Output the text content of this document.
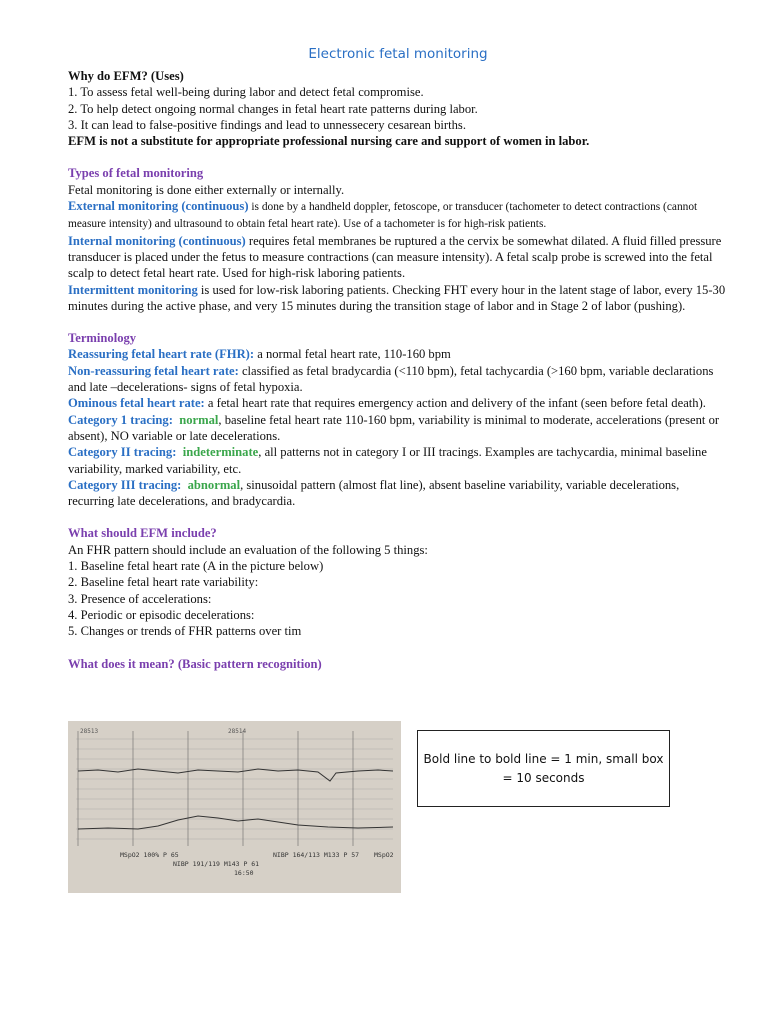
Electronic fetal monitoring

Why do EFM? (Uses)

1. To assess fetal well-being during labor and detect fetal compromise.

2. To help detect ongoing normal changes in fetal heart rate patterns during labor.

3. It can lead to false-positive findings and lead to unnessecery cesarean births.

EFM is not a substitute for appropriate professional nursing care and support of women in labor.

Types of fetal monitoring

Fetal monitoring is done either externally or internally.

External monitoring (continuous) is done by a handheld doppler, fetoscope, or transducer (tachometer to detect contractions (cannot measure intensity) and ultrasound to obtain fetal heart rate). Use of a tachometer is for high-risk patients.

Internal monitoring (continuous) requires fetal membranes be ruptured a the cervix be somewhat dilated. A fluid filled pressure transducer is placed under the fetus to measure contractions (can measure intensity). A fetal scalp probe is screwed into the fetal scalp to detect fetal heart rate. Used for high-risk laboring patients.

Intermittent monitoring is used for low-risk laboring patients. Checking FHT every hour in the latent stage of labor, every 15-30 minutes during the active phase, and very 15 minutes during the transition stage of labor and in Stage 2 of labor (pushing).

Terminology

Reassuring fetal heart rate (FHR): a normal fetal heart rate, 110-160 bpm

Non-reassuring fetal heart rate: classified as fetal bradycardia (<110 bpm), fetal tachycardia (>160 bpm, variable declarations and late –decelerations- signs of fetal hypoxia.

Ominous fetal heart rate: a fetal heart rate that requires emergency action and delivery of the infant (seen before fetal death).

Category 1 tracing: normal, baseline fetal heart rate 110-160 bpm, variability is minimal to moderate, accelerations (present or absent), NO variable or late decelerations.

Category II tracing: indeterminate, all patterns not in category I or III tracings. Examples are tachycardia, minimal baseline variability, marked variability, etc.

Category III tracing: abnormal, sinusoidal pattern (almost flat line), absent baseline variability, variable decelerations, recurring late decelerations, and bradycardia.

What should EFM include?

An FHR pattern should include an evaluation of the following 5 things:

1. Baseline fetal heart rate (A in the picture below)

2. Baseline fetal heart rate variability:

3. Presence of accelerations:

4. Periodic or episodic decelerations:

5. Changes or trends of FHR patterns over tim

What does it mean? (Basic pattern recognition)

MSpO2 100% P 65
NIBP 191/119 M143 P 61
NIBP 164/113 M133 P 57 MSpO2
16:50
28514
28513
Bold line to bold line = 1 min, small box = 10 seconds
